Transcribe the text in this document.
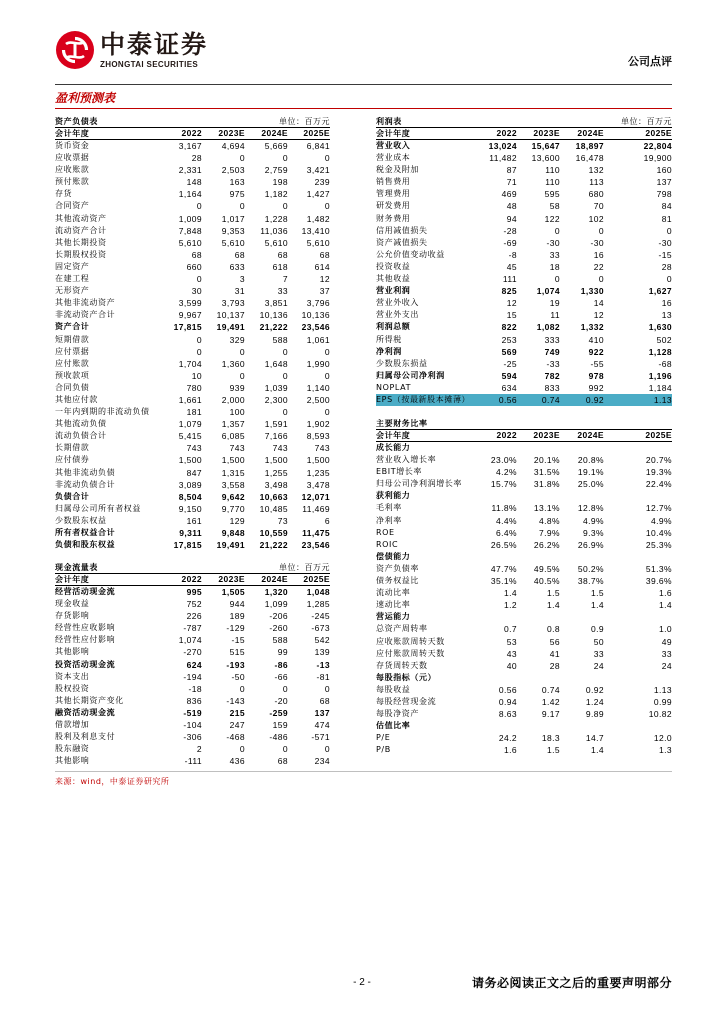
中泰证券
ZHONGTAI SECURITIES	公司点评
盈利预测表
资产负债表	单位：百万元
会计年度	2022	2023E	2024E	2025E
货币资金	3,167	4,694	5,669	6,841
应收票据	28	0	0	0
应收账款	2,331	2,503	2,759	3,421
预付账款	148	163	198	239
存货	1,164	975	1,182	1,427
合同资产	0	0	0	0
其他流动资产	1,009	1,017	1,228	1,482
流动资产合计	7,848	9,353	11,036	13,410
其他长期投资	5,610	5,610	5,610	5,610
长期股权投资	68	68	68	68
固定资产	660	633	618	614
在建工程	0	3	7	12
无形资产	30	31	33	37
其他非流动资产	3,599	3,793	3,851	3,796
非流动资产合计	9,967	10,137	10,136	10,136
资产合计	17,815	19,491	21,222	23,546
短期借款	0	329	588	1,061
应付票据	0	0	0	0
应付账款	1,704	1,360	1,648	1,990
预收款项	10	0	0	0
合同负债	780	939	1,039	1,140
其他应付款	1,661	2,000	2,300	2,500
一年内到期的非流动负债	181	100	0	0
其他流动负债	1,079	1,357	1,591	1,902
流动负债合计	5,415	6,085	7,166	8,593
长期借款	743	743	743	743
应付债券	1,500	1,500	1,500	1,500
其他非流动负债	847	1,315	1,255	1,235
非流动负债合计	3,089	3,558	3,498	3,478
负债合计	8,504	9,642	10,663	12,071
归属母公司所有者权益	9,150	9,770	10,485	11,469
少数股东权益	161	129	73	6
所有者权益合计	9,311	9,848	10,559	11,475
负债和股东权益	17,815	19,491	21,222	23,546
现金流量表	单位：百万元
会计年度	2022	2023E	2024E	2025E
经营活动现金流	995	1,505	1,320	1,048
现金收益	752	944	1,099	1,285
存货影响	226	189	-206	-245
经营性应收影响	-787	-129	-260	-673
经营性应付影响	1,074	-15	588	542
其他影响	-270	515	99	139
投资活动现金流	624	-193	-86	-13
资本支出	-194	-50	-66	-81
股权投资	-18	0	0	0
其他长期资产变化	836	-143	-20	68
融资活动现金流	-519	215	-259	137
借款增加	-104	247	159	474
股利及利息支付	-306	-468	-486	-571
股东融资	2	0	0	0
其他影响	-111	436	68	234
利润表	单位：百万元
会计年度	2022	2023E	2024E	2025E
营业收入	13,024	15,647	18,897	22,804
营业成本	11,482	13,600	16,478	19,900
税金及附加	87	110	132	160
销售费用	71	110	113	137
管理费用	469	595	680	798
研发费用	48	58	70	84
财务费用	94	122	102	81
信用减值损失	-28	0	0	0
资产减值损失	-69	-30	-30	-30
公允价值变动收益	-8	33	16	-15
投资收益	45	18	22	28
其他收益	111	0	0	0
营业利润	825	1,074	1,330	1,627
营业外收入	12	19	14	16
营业外支出	15	11	12	13
利润总额	822	1,082	1,332	1,630
所得税	253	333	410	502
净利润	569	749	922	1,128
少数股东损益	-25	-33	-55	-68
归属母公司净利润	594	782	978	1,196
NOPLAT	634	833	992	1,184
EPS（按最新股本摊薄）	0.56	0.74	0.92	1.13
主要财务比率
会计年度	2022	2023E	2024E	2025E
成长能力
营业收入增长率	23.0%	20.1%	20.8%	20.7%
EBIT增长率	4.2%	31.5%	19.1%	19.3%
归母公司净利润增长率	15.7%	31.8%	25.0%	22.4%
获利能力
毛利率	11.8%	13.1%	12.8%	12.7%
净利率	4.4%	4.8%	4.9%	4.9%
ROE	6.4%	7.9%	9.3%	10.4%
ROIC	26.5%	26.2%	26.9%	25.3%
偿债能力
资产负债率	47.7%	49.5%	50.2%	51.3%
债务权益比	35.1%	40.5%	38.7%	39.6%
流动比率	1.4	1.5	1.5	1.6
速动比率	1.2	1.4	1.4	1.4
营运能力
总资产周转率	0.7	0.8	0.9	1.0
应收账款周转天数	53	56	50	49
应付账款周转天数	43	41	33	33
存货周转天数	40	28	24	24
每股指标（元）
每股收益	0.56	0.74	0.92	1.13
每股经营现金流	0.94	1.42	1.24	0.99
每股净资产	8.63	9.17	9.89	10.82
估值比率
P/E	24.2	18.3	14.7	12.0
P/B	1.6	1.5	1.4	1.3
来源：wind，中泰证券研究所
- 2 -	请务必阅读正文之后的重要声明部分
